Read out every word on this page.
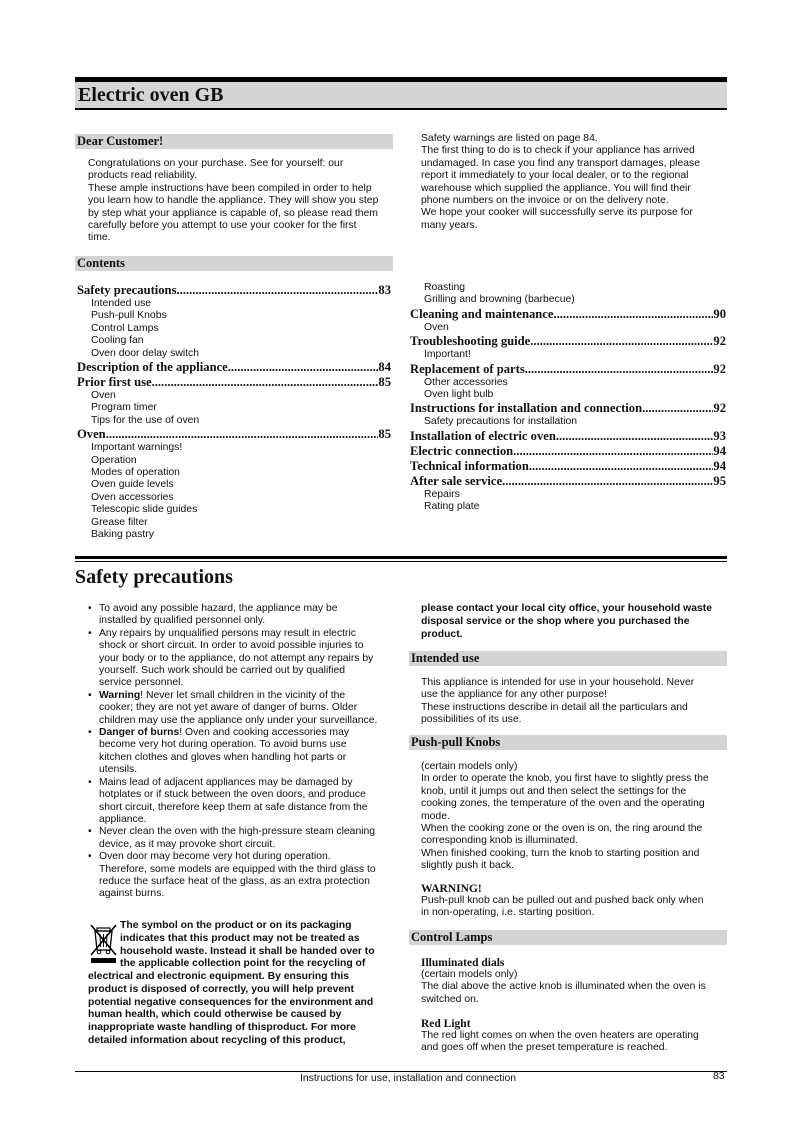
Electric oven GB
Dear Customer!
Congratulations on your purchase. See for yourself: our
products read reliability.
These ample instructions have been compiled in order to help
you learn how to handle the appliance. They will show you step
by step what your appliance is capable of, so please read them
carefully before you attempt to use your cooker for the first
time.
Safety warnings are listed on page 84.
The first thing to do is to check if your appliance has arrived
undamaged. In case you find any transport damages, please
report it immediately to your local dealer, or to the regional
warehouse which supplied the appliance. You will find their
phone numbers on the invoice or on the delivery note.
We hope your cooker will successfully serve its purpose for
many years.
Contents
Safety precautions .....	83
Intended use
Push-pull Knobs
Control Lamps
Cooling fan
Oven door delay switch
Description of the appliance .....	84
Prior first use .....	85
Oven
Program timer
Tips for the use of oven
Oven .....	85
Important warnings!
Operation
Modes of operation
Oven guide levels
Oven accessories
Telescopic slide guides
Grease filter
Baking pastry
Roasting
Grilling and browning (barbecue)
Cleaning and maintenance .....	90
Oven
Troubleshooting guide .....	92
Important!
Replacement of parts .....	92
Other accessories
Oven light bulb
Instructions for installation and connection .....	92
Safety precautions for installation
Installation of electric oven .....	93
Electric connection .....	94
Technical information .....	94
After sale service .....	95
Repairs
Rating plate
Safety precautions
• To avoid any possible hazard, the appliance may be
installed by qualified personnel only.
• Any repairs by unqualified persons may result in electric
shock or short circuit. In order to avoid possible injuries to
your body or to the appliance, do not attempt any repairs by
yourself. Such work should be carried out by qualified
service personnel.
• Warning! Never let small children in the vicinity of the
cooker; they are not yet aware of danger of burns. Older
children may use the appliance only under your surveillance.
• Danger of burns! Oven and cooking accessories may
become very hot during operation. To avoid burns use
kitchen clothes and gloves when handling hot parts or
utensils.
• Mains lead of adjacent appliances may be damaged by
hotplates or if stuck between the oven doors, and produce
short circuit, therefore keep them at safe distance from the
appliance.
• Never clean the oven with the high-pressure steam cleaning
device, as it may provoke short circuit.
• Oven door may become very hot during operation.
Therefore, some models are equipped with the third glass to
reduce the surface heat of the glass, as an extra protection
against burns.
The symbol on the product or on its packaging
indicates that this product may not be treated as
household waste. Instead it shall be handed over to
the applicable collection point for the recycling of
electrical and electronic equipment. By ensuring this
product is disposed of correctly, you will help prevent
potential negative consequences for the environment and
human health, which could otherwise be caused by
inappropriate waste handling of thisproduct. For more
detailed information about recycling of this product,
please contact your local city office, your household waste
disposal service or the shop where you purchased the
product.
Intended use
This appliance is intended for use in your household. Never
use the appliance for any other purpose!
These instructions describe in detail all the particulars and
possibilities of its use.
Push-pull Knobs
(certain models only)
In order to operate the knob, you first have to slightly press the
knob, until it jumps out and then select the settings for the
cooking zones, the temperature of the oven and the operating
mode.
When the cooking zone or the oven is on, the ring around the
corresponding knob is illuminated.
When finished cooking, turn the knob to starting position and
slightly push it back.
WARNING!
Push-pull knob can be pulled out and pushed back only when
in non-operating, i.e. starting position.
Control Lamps
Illuminated dials
(certain models only)
The dial above the active knob is illuminated when the oven is
switched on.
Red Light
The red light comes on when the oven heaters are operating
and goes off when the preset temperature is reached.
Instructions for use, installation and connection	83
